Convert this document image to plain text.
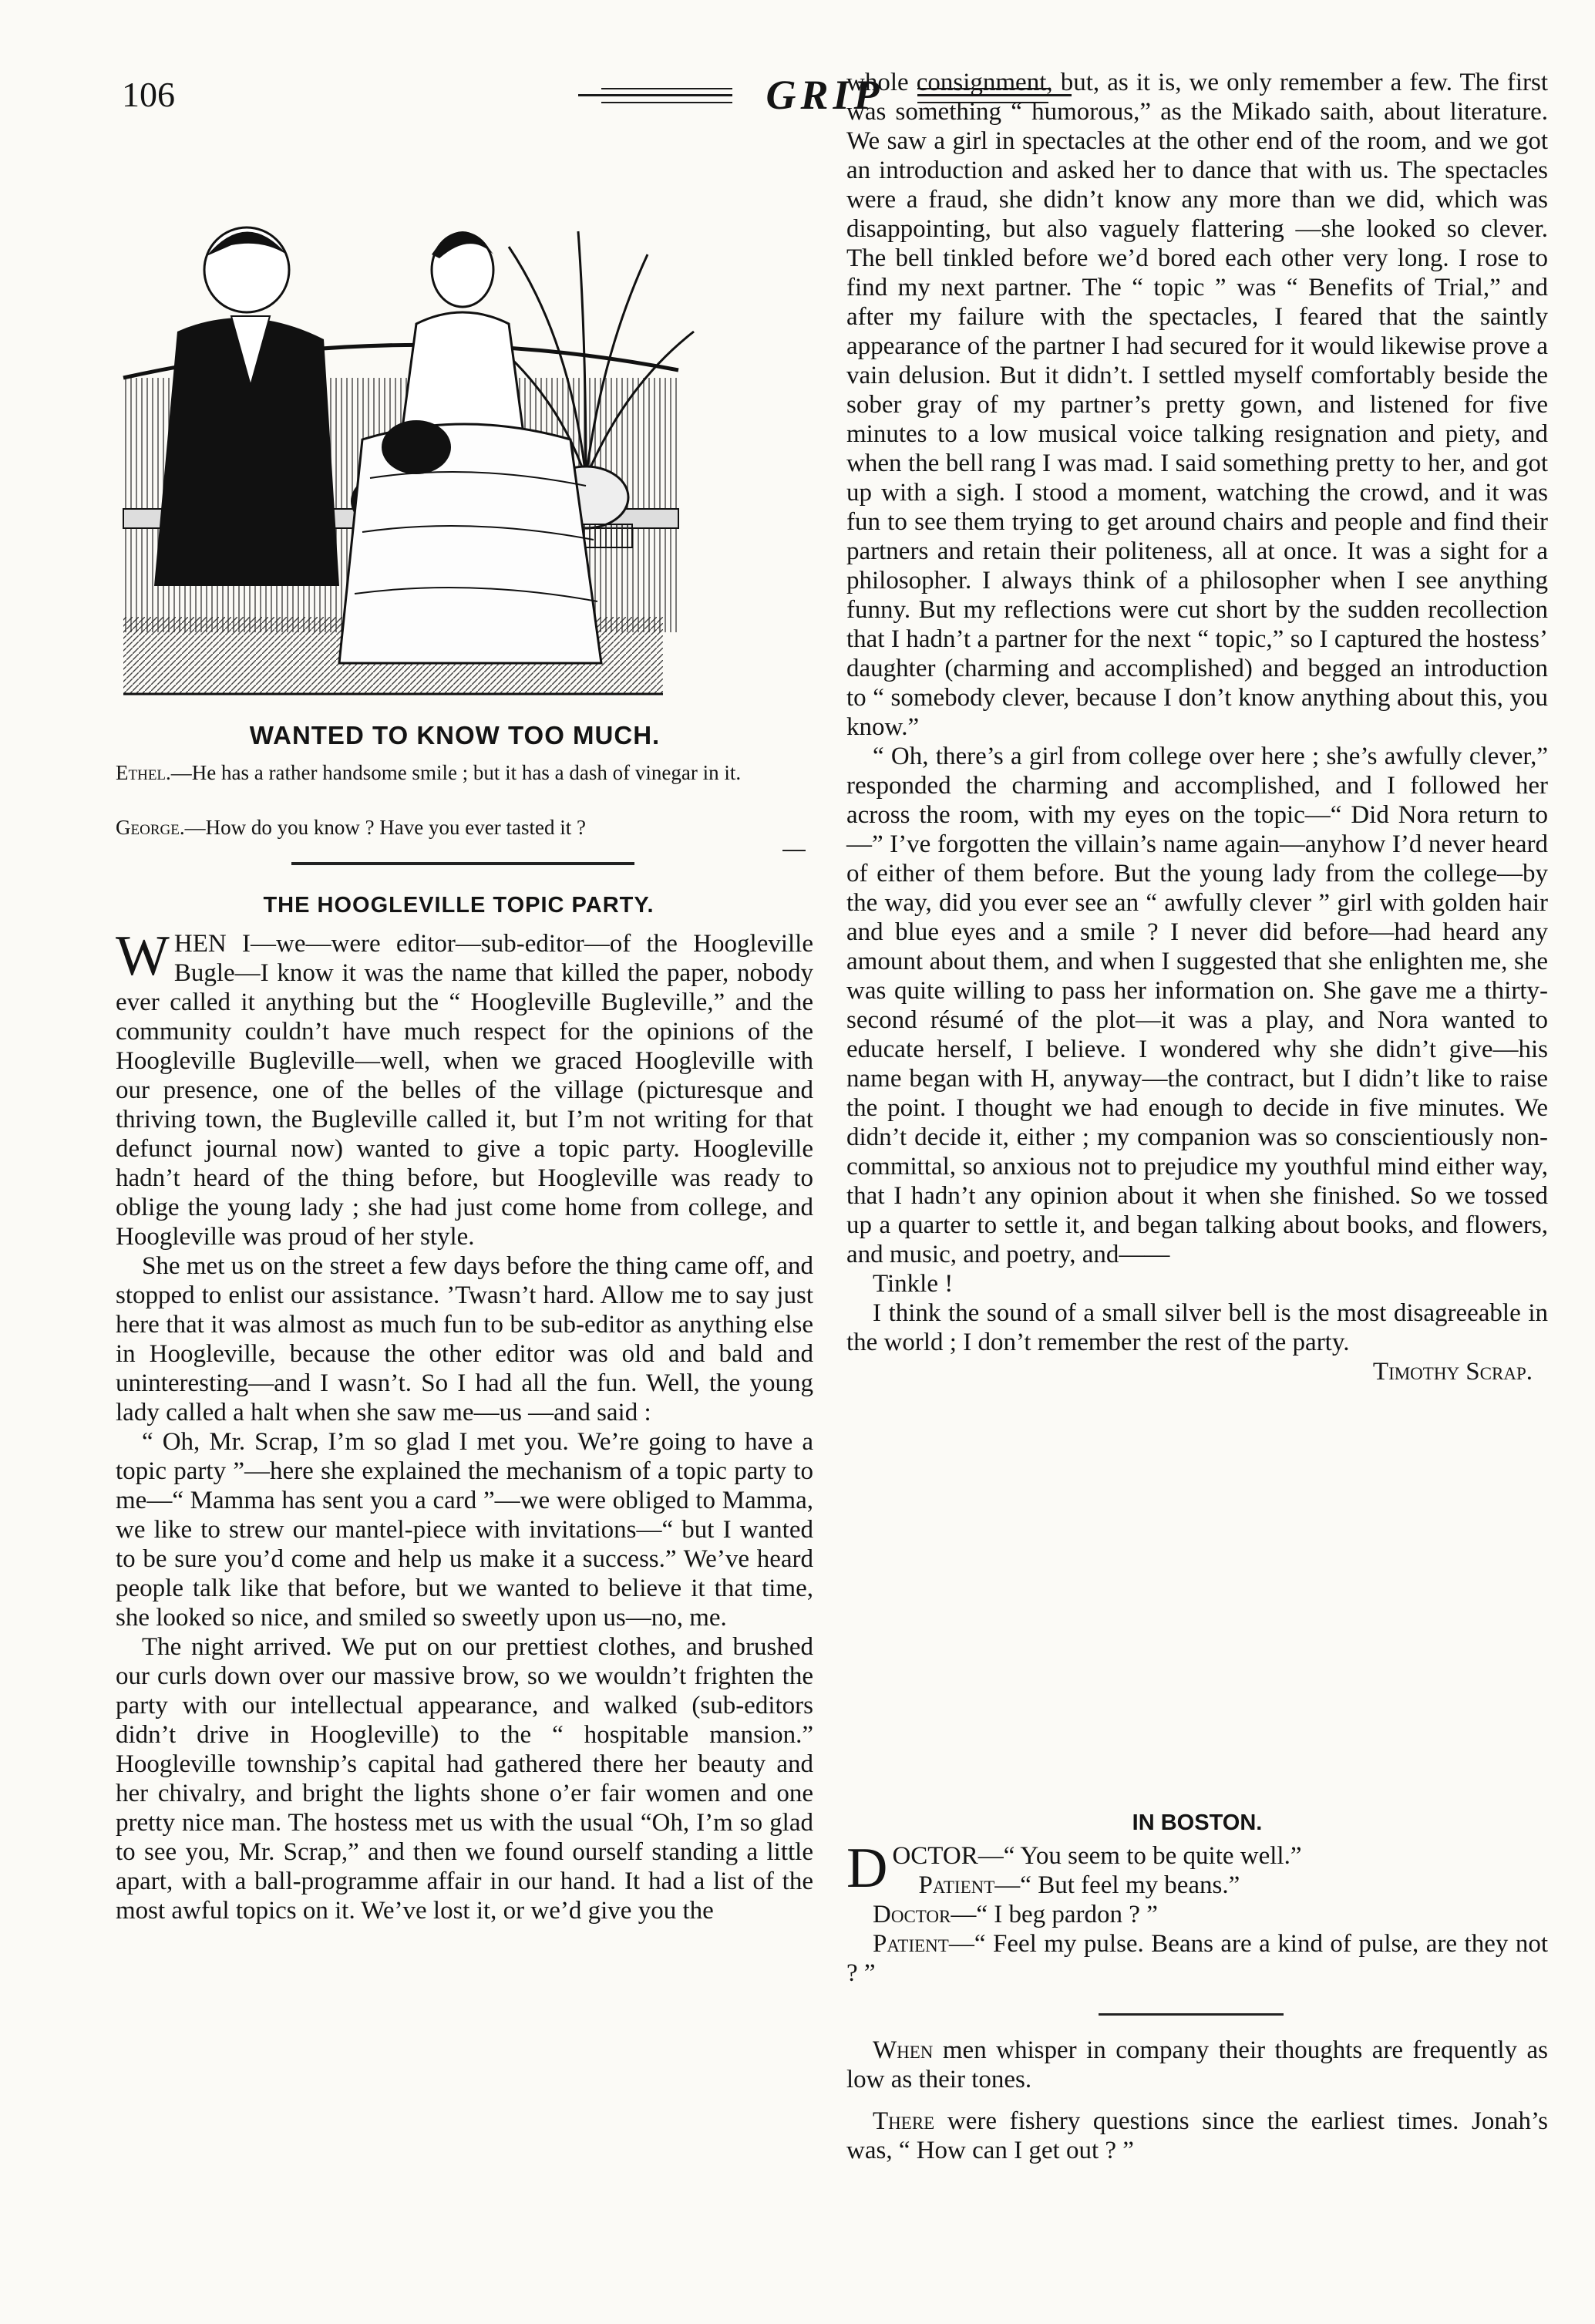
106	GRIP
WANTED TO KNOW TOO MUCH.
Ethel.—He has a rather handsome smile ; but it has a dash of vinegar in it.
George.—How do you know ? Have you ever tasted it ?
THE HOOGLEVILLE TOPIC PARTY.

WHEN I—we—were editor—sub-editor—of the Hoogleville Bugle—I know it was the name that killed the paper, nobody ever called it anything but the “ Hoogleville Bugleville,” and the community couldn’t have much respect for the opinions of the Hoogleville Bugleville—well, when we graced Hoogleville with our presence, one of the belles of the village (picturesque and thriving town, the Bugleville called it, but I’m not writing for that defunct journal now) wanted to give a topic party. Hoogleville hadn’t heard of the thing before, but Hoogleville was ready to oblige the young lady ; she had just come home from college, and Hoogleville was proud of her style.

She met us on the street a few days before the thing came off, and stopped to enlist our assistance. ’Twasn’t hard. Allow me to say just here that it was almost as much fun to be sub-editor as anything else in Hoogleville, because the other editor was old and bald and uninteresting—and I wasn’t. So I had all the fun. Well, the young lady called a halt when she saw me—us —and said :

“ Oh, Mr. Scrap, I’m so glad I met you. We’re going to have a topic party ”—here she explained the mechanism of a topic party to me—“ Mamma has sent you a card ”—we were obliged to Mamma, we like to strew our mantel-piece with invitations—“ but I wanted to be sure you’d come and help us make it a success.” We’ve heard people talk like that before, but we wanted to believe it that time, she looked so nice, and smiled so sweetly upon us—no, me.

The night arrived. We put on our prettiest clothes, and brushed our curls down over our massive brow, so we wouldn’t frighten the party with our intellectual appearance, and walked (sub-editors didn’t drive in Hoogleville) to the “ hospitable mansion.” Hoogleville township’s capital had gathered there her beauty and her chivalry, and bright the lights shone o’er fair women and one pretty nice man. The hostess met us with the usual “Oh, I’m so glad to see you, Mr. Scrap,” and then we found ourself standing a little apart, with a ball-programme affair in our hand. It had a list of the most awful topics on it. We’ve lost it, or we’d give you the

whole consignment, but, as it is, we only remember a few. The first was something “ humorous,” as the Mikado saith, about literature. We saw a girl in spectacles at the other end of the room, and we got an introduction and asked her to dance that with us. The spectacles were a fraud, she didn’t know any more than we did, which was disappointing, but also vaguely flattering —she looked so clever. The bell tinkled before we’d bored each other very long. I rose to find my next partner. The “ topic ” was “ Benefits of Trial,” and after my failure with the spectacles, I feared that the saintly appearance of the partner I had secured for it would likewise prove a vain delusion. But it didn’t. I settled myself comfortably beside the sober gray of my partner’s pretty gown, and listened for five minutes to a low musical voice talking resignation and piety, and when the bell rang I was mad. I said something pretty to her, and got up with a sigh. I stood a moment, watching the crowd, and it was fun to see them trying to get around chairs and people and find their partners and retain their politeness, all at once. It was a sight for a philosopher. I always think of a philosopher when I see anything funny. But my reflections were cut short by the sudden recollection that I hadn’t a partner for the next “ topic,” so I captured the hostess’ daughter (charming and accomplished) and begged an introduction to “ somebody clever, because I don’t know anything about this, you know.”

“ Oh, there’s a girl from college over here ; she’s awfully clever,” responded the charming and accomplished, and I followed her across the room, with my eyes on the topic—“ Did Nora return to—” I’ve forgotten the villain’s name again—anyhow I’d never heard of either of them before. But the young lady from the college—by the way, did you ever see an “ awfully clever ” girl with golden hair and blue eyes and a smile ? I never did before—had heard any amount about them, and when I suggested that she enlighten me, she was quite willing to pass her information on. She gave me a thirty-second résumé of the plot—it was a play, and Nora wanted to educate herself, I believe. I wondered why she didn’t give—his name began with H, anyway—the contract, but I didn’t like to raise the point. I thought we had enough to decide in five minutes. We didn’t decide it, either ; my companion was so conscientiously non-committal, so anxious not to prejudice my youthful mind either way, that I hadn’t any opinion about it when she finished. So we tossed up a quarter to settle it, and began talking about books, and flowers, and music, and poetry, and——

Tinkle !

I think the sound of a small silver bell is the most disagreeable in the world ; I don’t remember the rest of the party.

Timothy Scrap.

IN BOSTON.

DOCTOR—“ You seem to be quite well.”

Patient—“ But feel my beans.”

Doctor—“ I beg pardon ? ”

Patient—“ Feel my pulse. Beans are a kind of pulse, are they not ? ”

When men whisper in company their thoughts are frequently as low as their tones.

There were fishery questions since the earliest times. Jonah’s was, “ How can I get out ? ”
